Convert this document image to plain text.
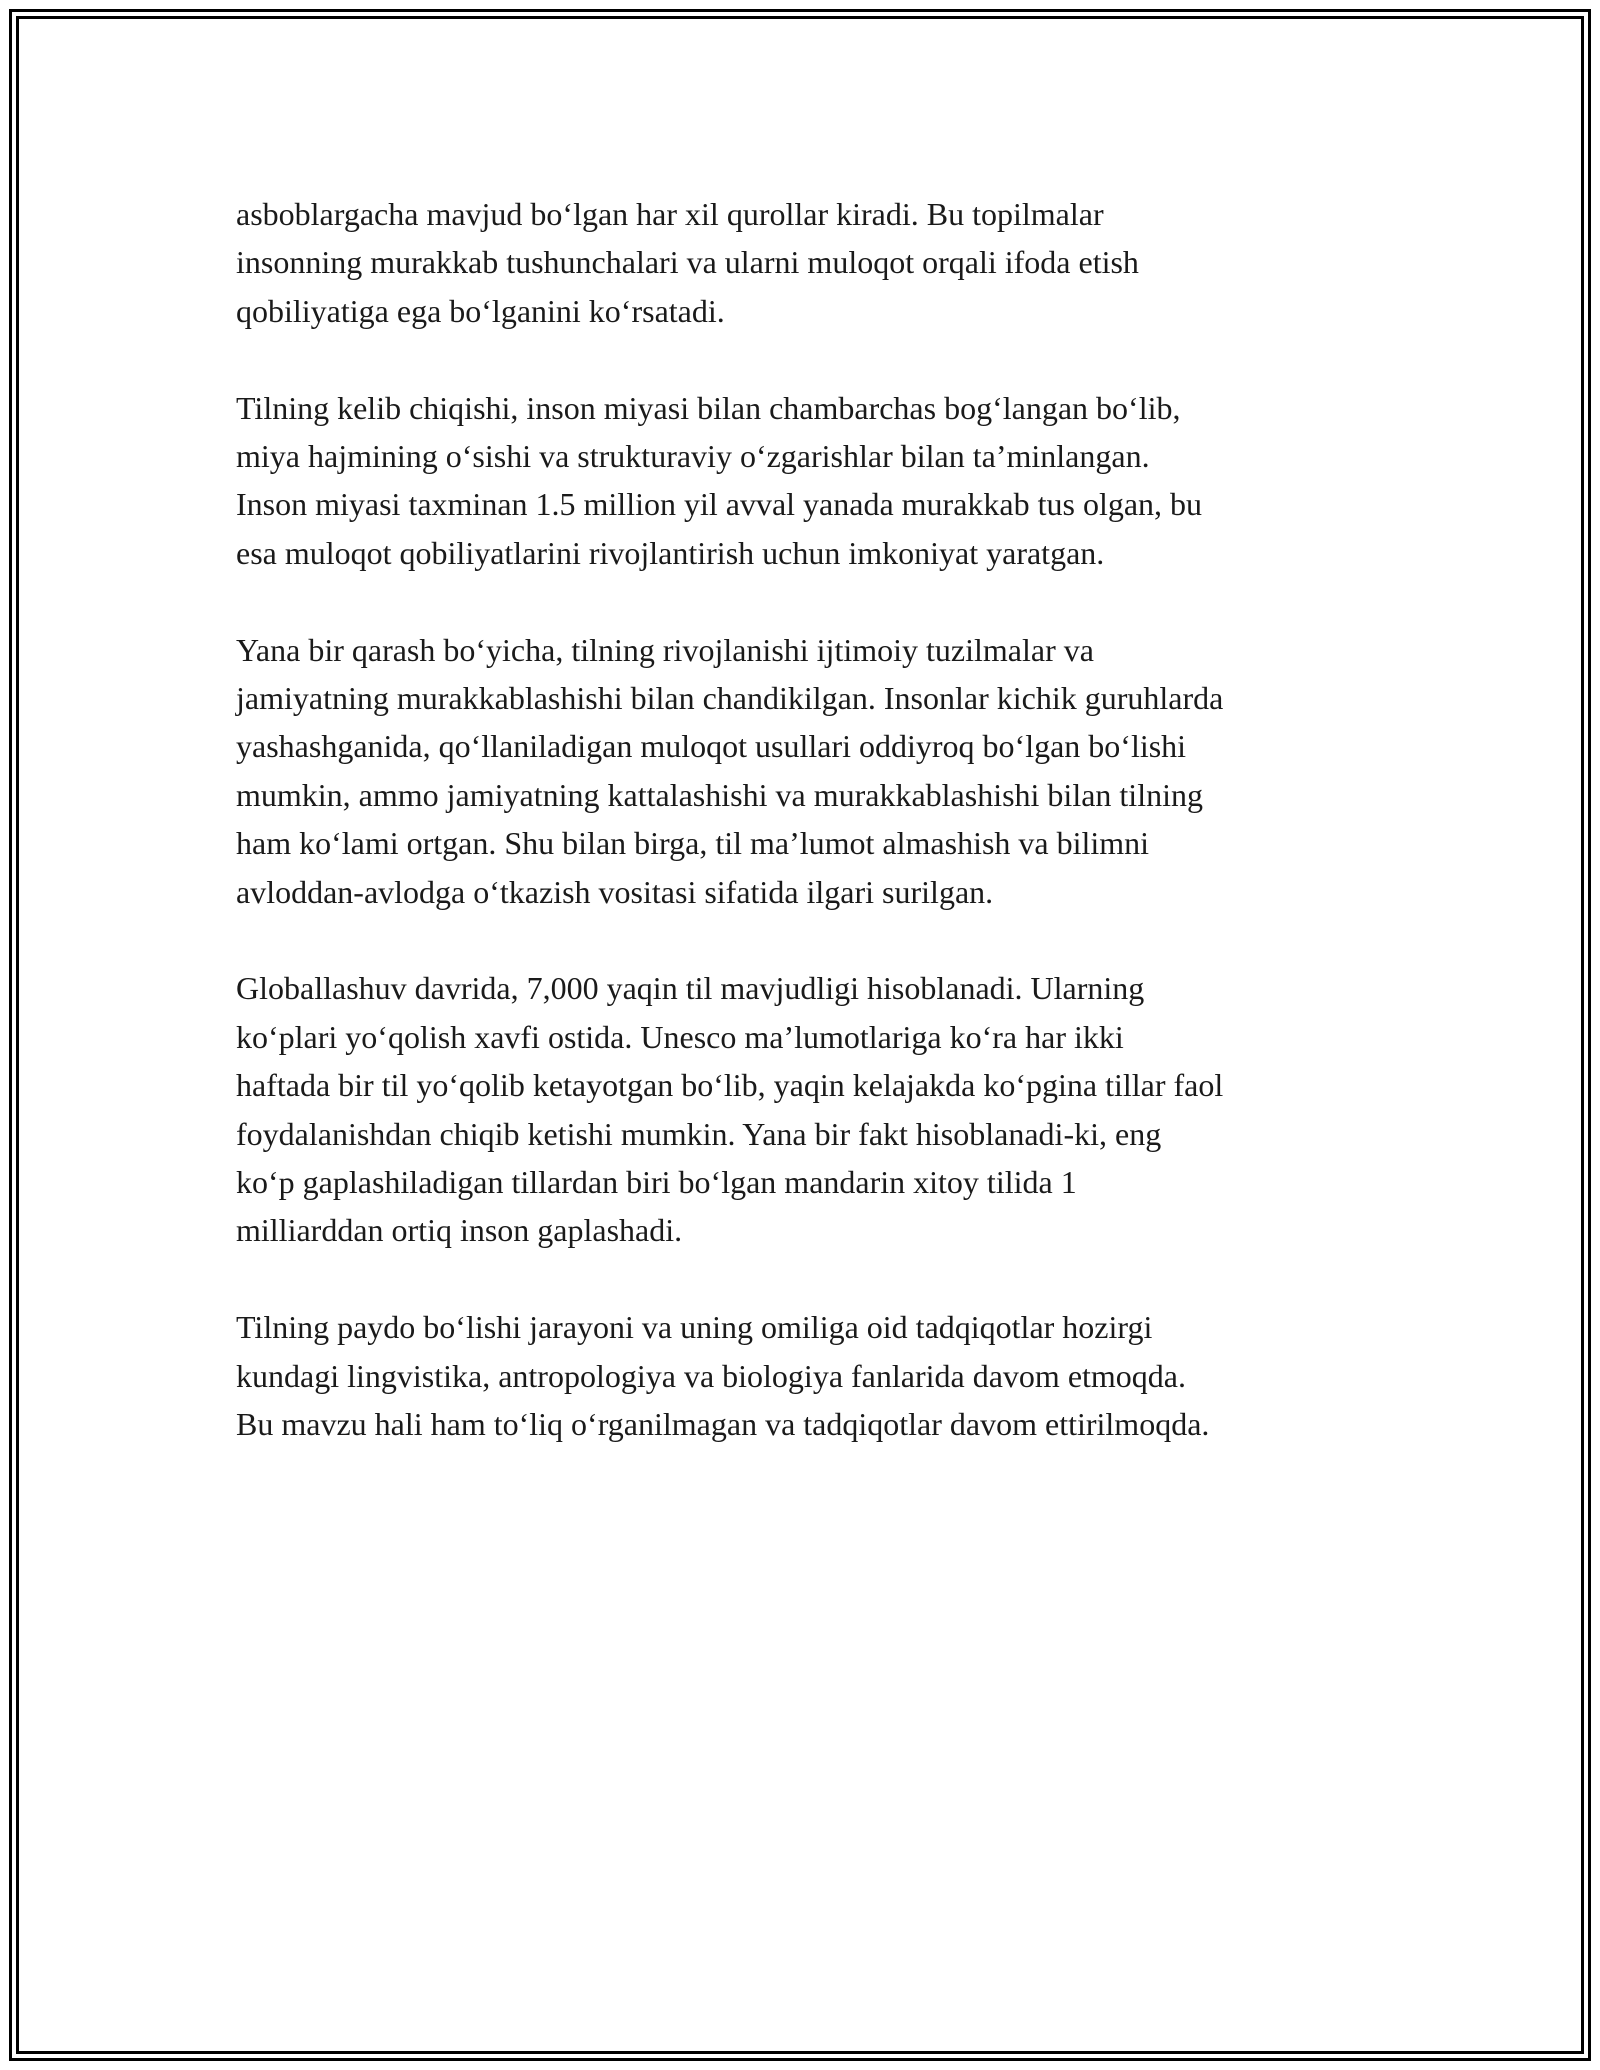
asboblargacha mavjud bo‘lgan har xil qurollar kiradi. Bu topilmalar
insonning murakkab tushunchalari va ularni muloqot orqali ifoda etish
qobiliyatiga ega bo‘lganini ko‘rsatadi.

Tilning kelib chiqishi, inson miyasi bilan chambarchas bog‘langan bo‘lib,
miya hajmining o‘sishi va strukturaviy o‘zgarishlar bilan ta’minlangan.
Inson miyasi taxminan 1.5 million yil avval yanada murakkab tus olgan, bu
esa muloqot qobiliyatlarini rivojlantirish uchun imkoniyat yaratgan.

Yana bir qarash bo‘yicha, tilning rivojlanishi ijtimoiy tuzilmalar va
jamiyatning murakkablashishi bilan chandikilgan. Insonlar kichik guruhlarda
yashashganida, qo‘llaniladigan muloqot usullari oddiyroq bo‘lgan bo‘lishi
mumkin, ammo jamiyatning kattalashishi va murakkablashishi bilan tilning
ham ko‘lami ortgan. Shu bilan birga, til ma’lumot almashish va bilimni
avloddan-avlodga o‘tkazish vositasi sifatida ilgari surilgan.

Globallashuv davrida, 7,000 yaqin til mavjudligi hisoblanadi. Ularning
ko‘plari yo‘qolish xavfi ostida. Unesco ma’lumotlariga ko‘ra har ikki
haftada bir til yo‘qolib ketayotgan bo‘lib, yaqin kelajakda ko‘pgina tillar faol
foydalanishdan chiqib ketishi mumkin. Yana bir fakt hisoblanadi-ki, eng
ko‘p gaplashiladigan tillardan biri bo‘lgan mandarin xitoy tilida 1
milliarddan ortiq inson gaplashadi.

Tilning paydo bo‘lishi jarayoni va uning omiliga oid tadqiqotlar hozirgi
kundagi lingvistika, antropologiya va biologiya fanlarida davom etmoqda.
Bu mavzu hali ham to‘liq o‘rganilmagan va tadqiqotlar davom ettirilmoqda.
